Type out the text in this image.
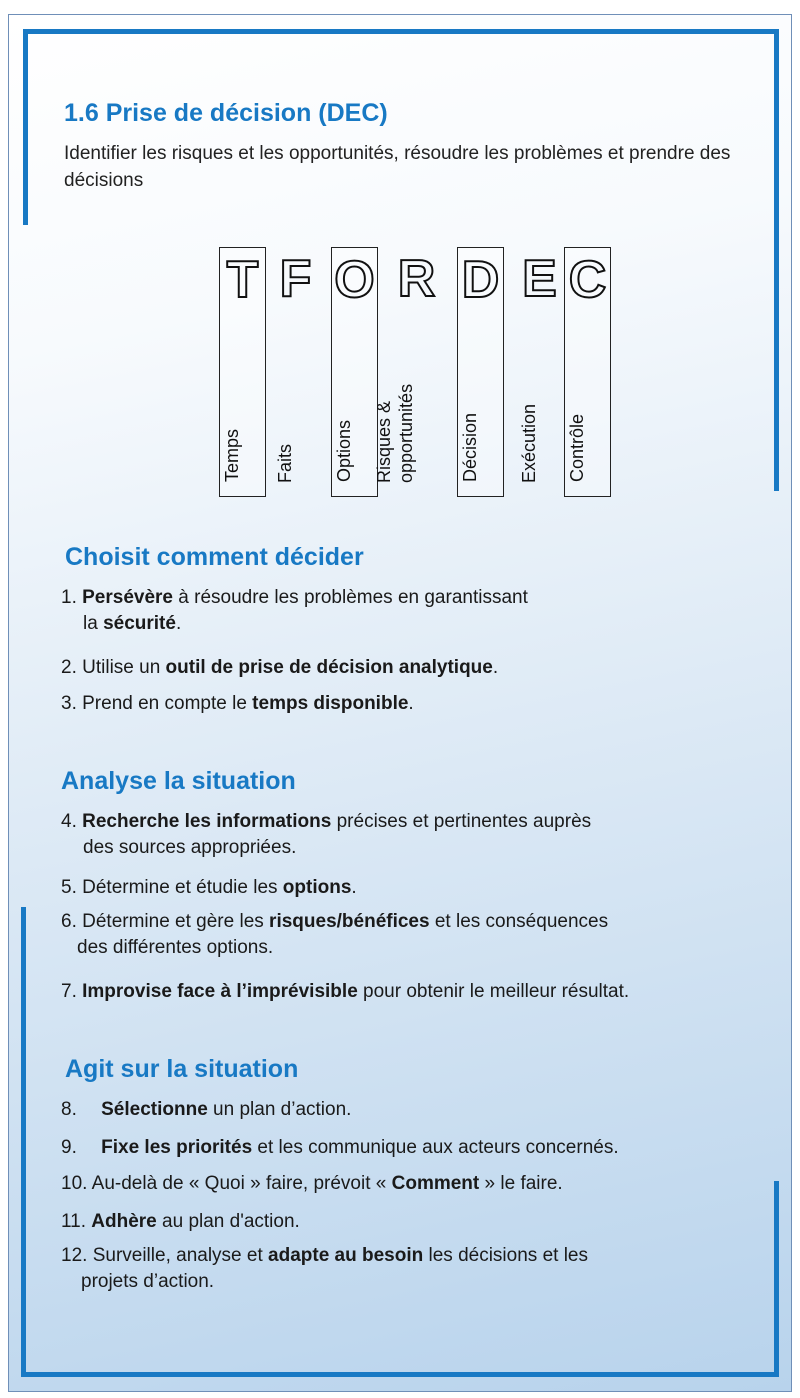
1.6 Prise de décision (DEC)

Identifier les risques et les opportunités, résoudre les problèmes et prendre des décisions

T
Temps
F
Faits
O
Options
R
Risques & opportunités
D
Décision
E
Exécution
C
Contrôle
Choisit comment décider

1. Persévère à résoudre les problèmes en garantissant
la sécurité.

2. Utilise un outil de prise de décision analytique.

3. Prend en compte le temps disponible.

Analyse la situation

4. Recherche les informations précises et pertinentes auprès
des sources appropriées.

5. Détermine et étudie les options.

6. Détermine et gère les risques/bénéfices et les conséquences
des différentes options.

7. Improvise face à l’imprévisible pour obtenir le meilleur résultat.

Agit sur la situation

8.  Sélectionne un plan d’action.

9.  Fixe les priorités et les communique aux acteurs concernés.

10. Au-delà de « Quoi » faire, prévoit « Comment » le faire.

11. Adhère au plan d'action.

12. Surveille, analyse et adapte au besoin les décisions et les
projets d’action.
